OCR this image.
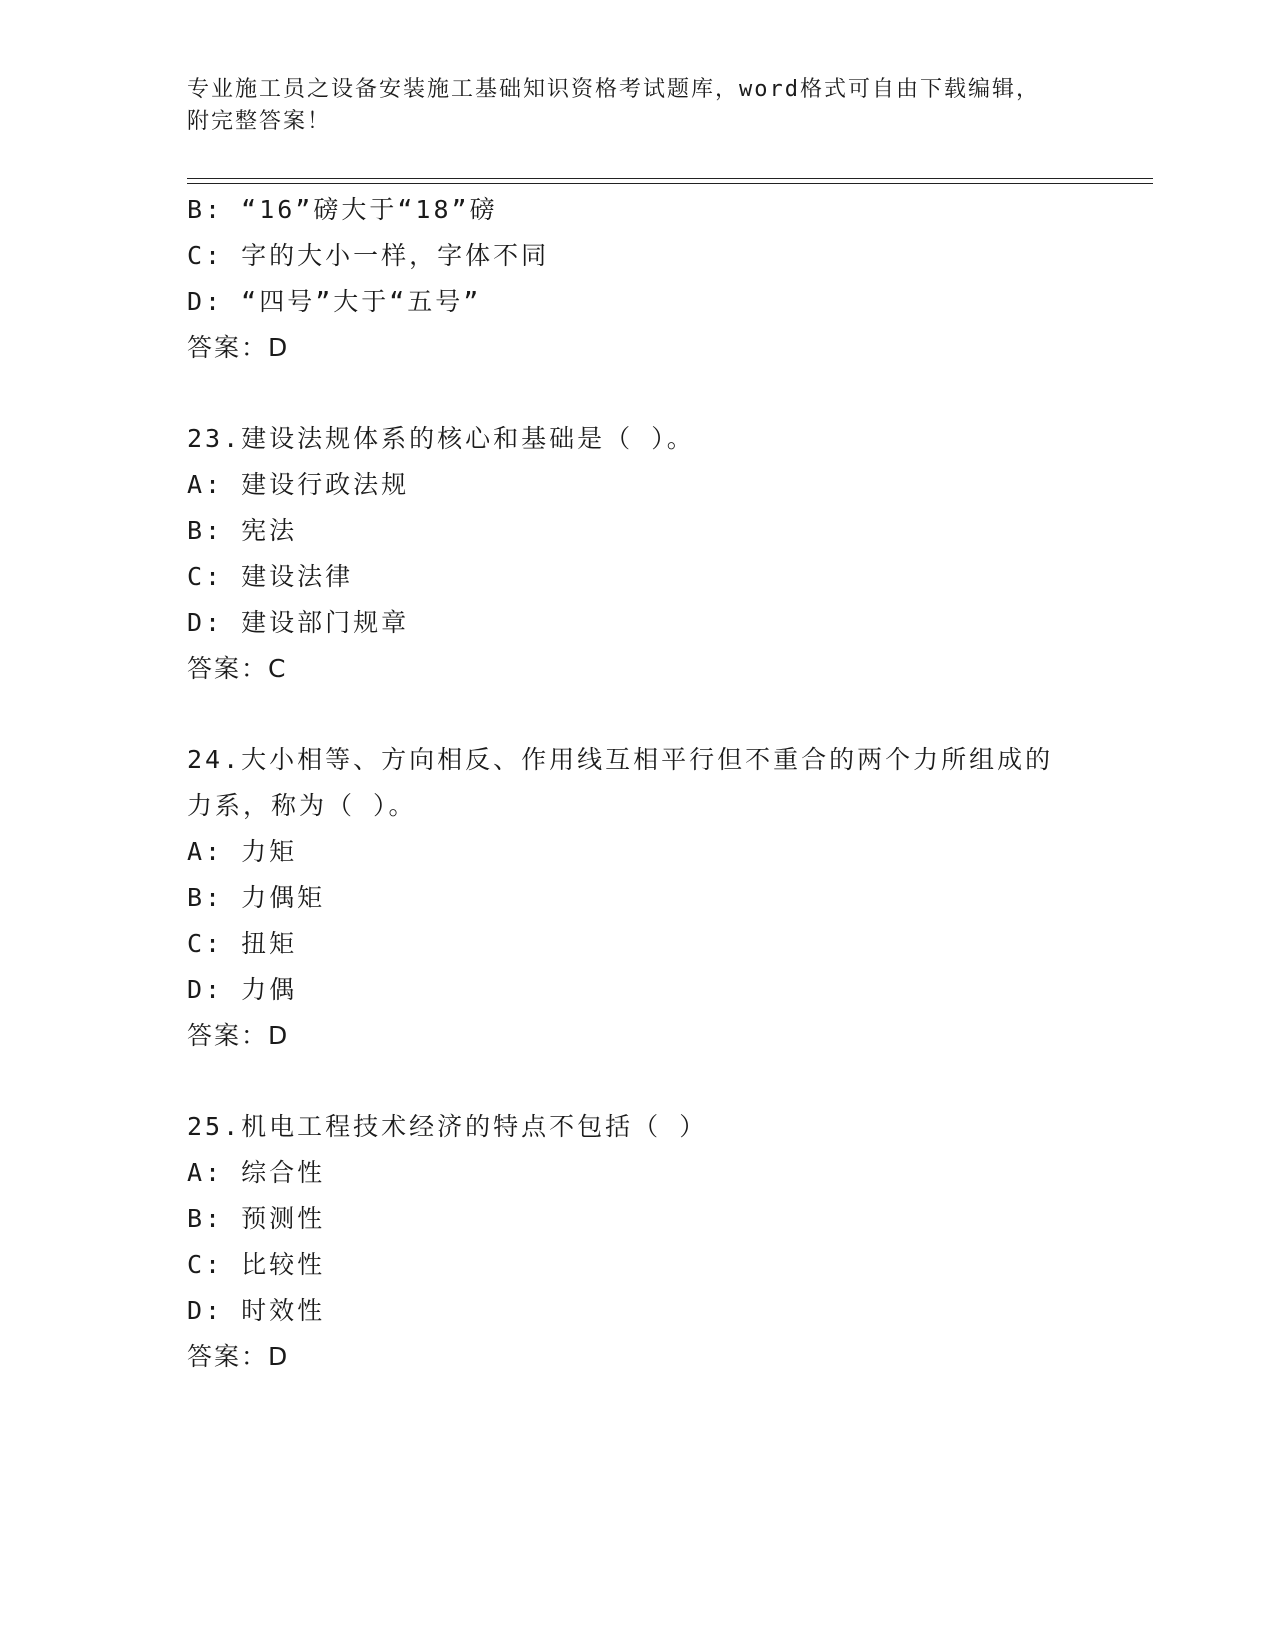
专业施工员之设备安装施工基础知识资格考试题库，word格式可自由下载编辑，
附完整答案！
B: “16”磅大于“18”磅
C: 字的大小一样，字体不同
D: “四号”大于“五号”
答案：D
23.建设法规体系的核心和基础是（ ）。
A: 建设行政法规
B: 宪法
C: 建设法律
D: 建设部门规章
答案：C
24.大小相等、方向相反、作用线互相平行但不重合的两个力所组成的
力系，称为（ ）。
A: 力矩
B: 力偶矩
C: 扭矩
D: 力偶
答案：D
25.机电工程技术经济的特点不包括（ ）
A: 综合性
B: 预测性
C: 比较性
D: 时效性
答案：D
